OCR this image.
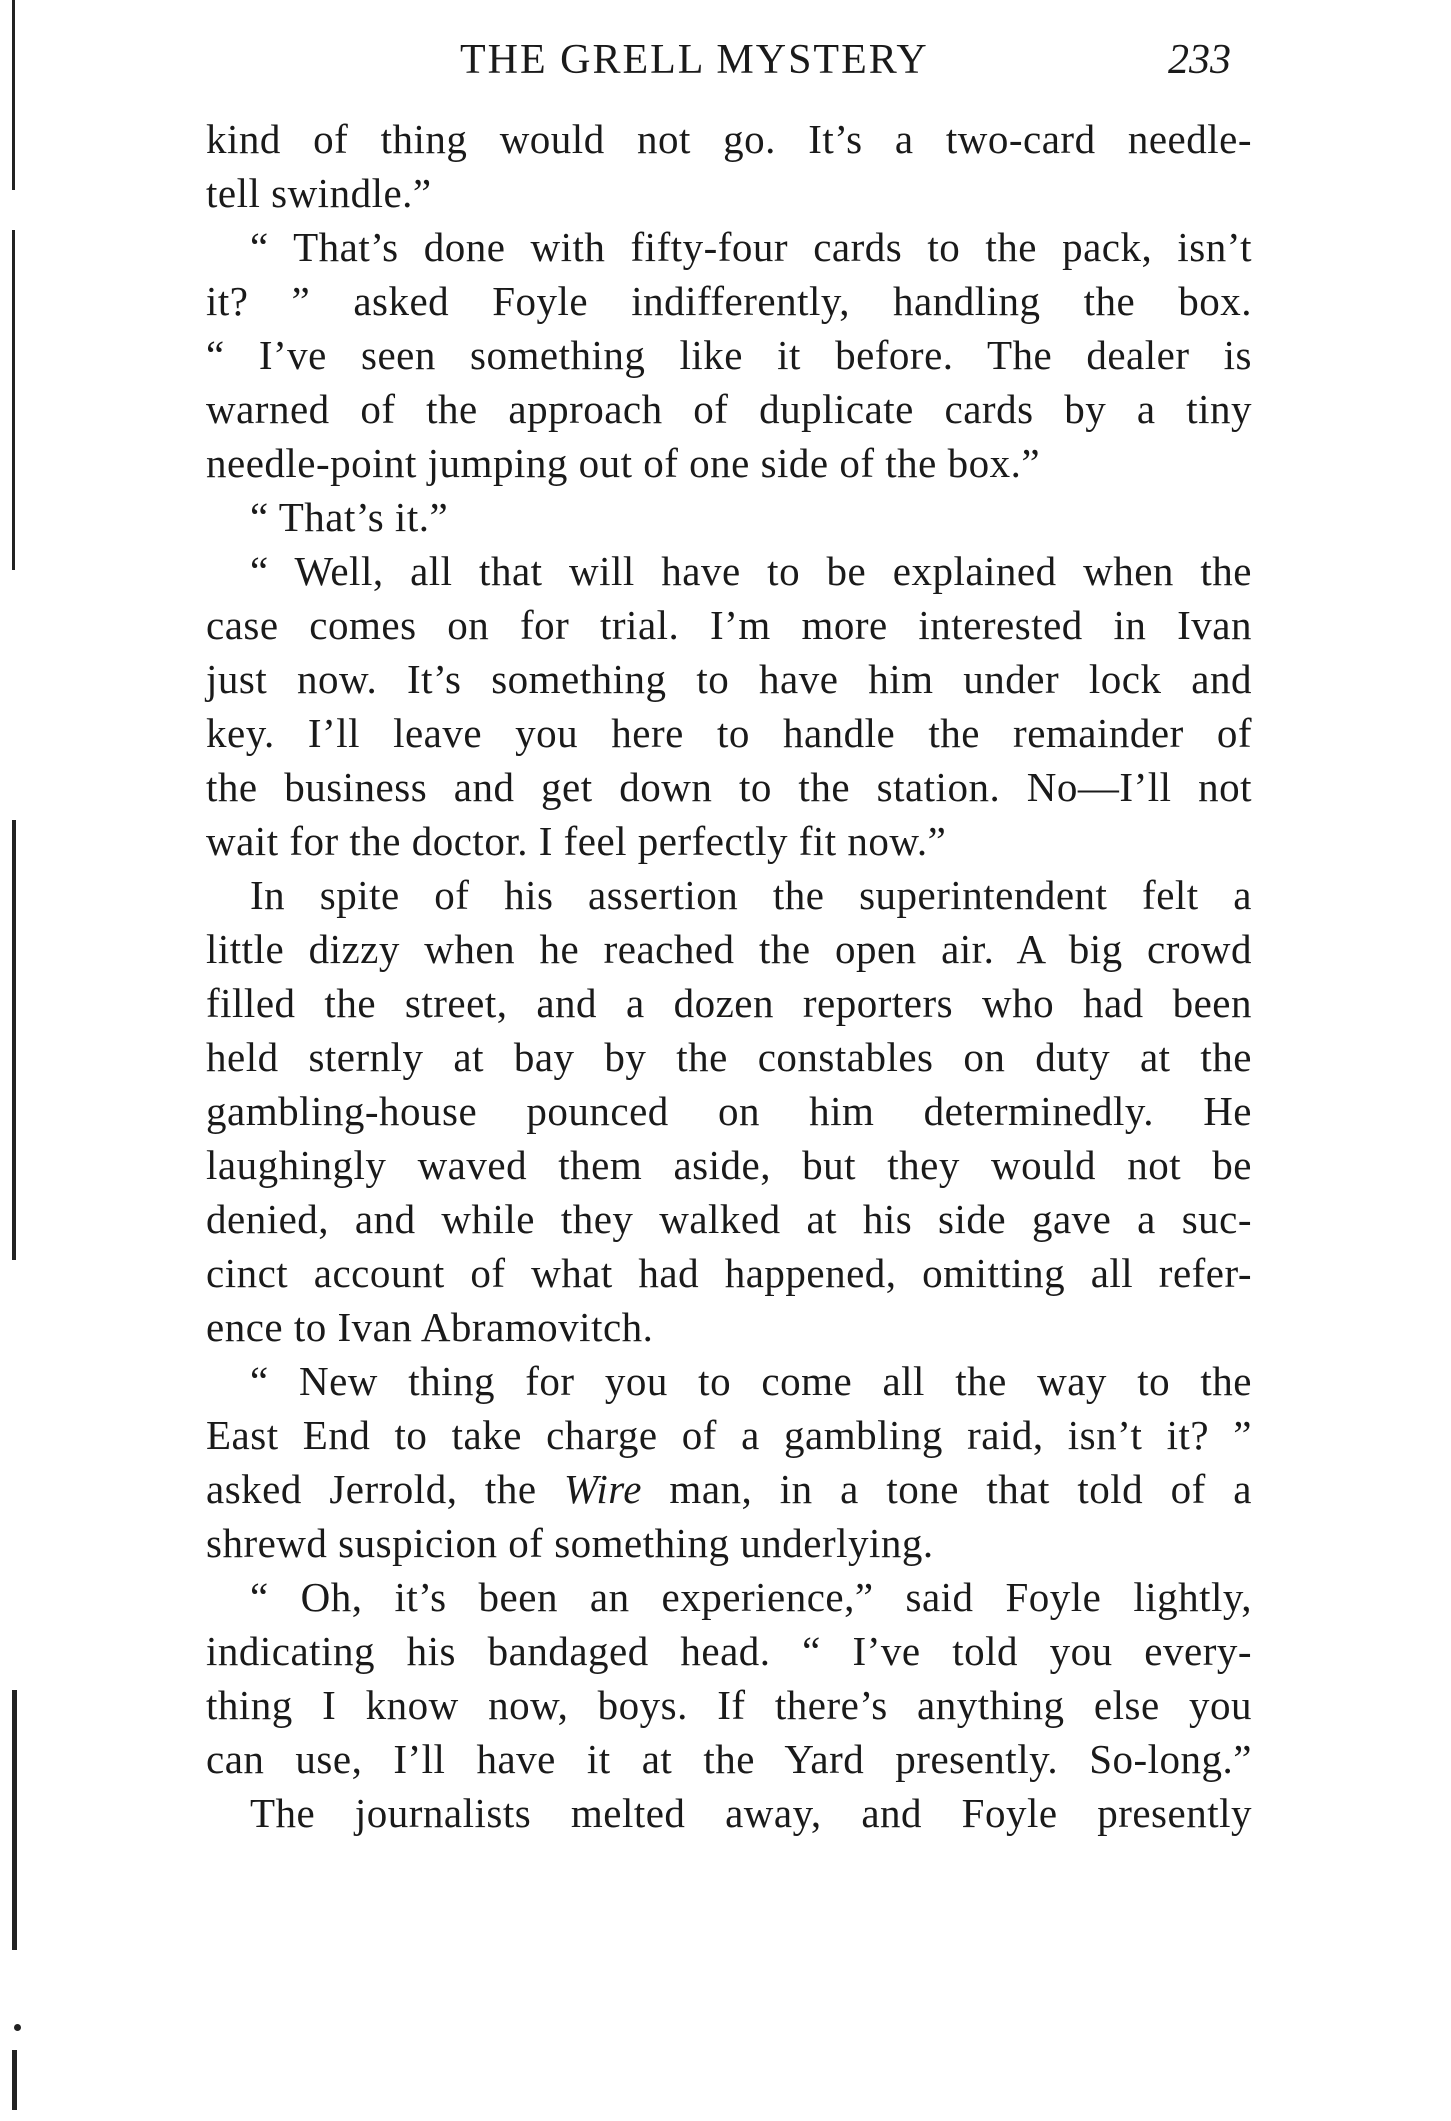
THE GRELL MYSTERY	233
kind of thing would not go. It’s a two-card needle-
tell swindle.”
“ That’s done with fifty-four cards to the pack, isn’t
it? ” asked Foyle indifferently, handling the box.
“ I’ve seen something like it before. The dealer is
warned of the approach of duplicate cards by a tiny
needle-point jumping out of one side of the box.”
“ That’s it.”
“ Well, all that will have to be explained when the
case comes on for trial. I’m more interested in Ivan
just now. It’s something to have him under lock and
key. I’ll leave you here to handle the remainder of
the business and get down to the station. No—I’ll not
wait for the doctor. I feel perfectly fit now.”
In spite of his assertion the superintendent felt a
little dizzy when he reached the open air. A big crowd
filled the street, and a dozen reporters who had been
held sternly at bay by the constables on duty at the
gambling-house pounced on him determinedly. He
laughingly waved them aside, but they would not be
denied, and while they walked at his side gave a suc-
cinct account of what had happened, omitting all refer-
ence to Ivan Abramovitch.
“ New thing for you to come all the way to the
East End to take charge of a gambling raid, isn’t it? ”
asked Jerrold, the Wire man, in a tone that told of a
shrewd suspicion of something underlying.
“ Oh, it’s been an experience,” said Foyle lightly,
indicating his bandaged head. “ I’ve told you every-
thing I know now, boys. If there’s anything else you
can use, I’ll have it at the Yard presently. So-long.”
The journalists melted away, and Foyle presently
